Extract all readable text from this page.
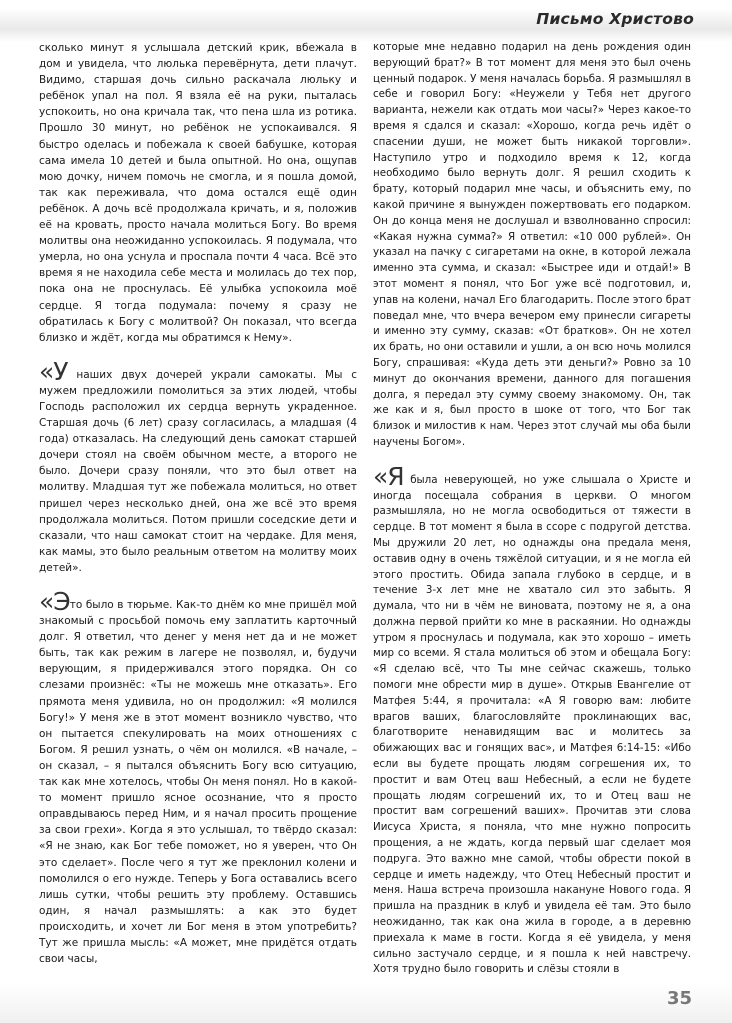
Письмо Христово

сколько минут я услышала детский крик, вбежала в дом и увидела, что люлька перевёрнута, дети плачут. Видимо, старшая дочь сильно раскачала люльку и ребёнок упал на пол. Я взяла её на руки, пыталась успокоить, но она кричала так, что пена шла из ротика. Прошло 30 минут, но ребёнок не успокаивался. Я быстро оделась и побежала к своей бабушке, которая сама имела 10 детей и была опытной. Но она, ощупав мою дочку, ничем помочь не смогла, и я пошла домой, так как переживала, что дома остался ещё один ребёнок. А дочь всё продолжала кричать, и я, положив её на кровать, просто начала молиться Богу. Во время молитвы она неожиданно успокоилась. Я подумала, что умерла, но она уснула и проспала почти 4 часа. Всё это время я не находила себе места и молилась до тех пор, пока она не проснулась. Её улыбка успокоила моё сердце. Я тогда подумала: почему я сразу не обратилась к Богу с молитвой? Он показал, что всегда близко и ждёт, когда мы обратимся к Нему».

«У наших двух дочерей украли самокаты. Мы с мужем предложили помолиться за этих людей, чтобы Господь расположил их сердца вернуть украденное. Старшая дочь (6 лет) сразу согласилась, а младшая (4 года) отказалась. На следующий день самокат старшей дочери стоял на своём обычном месте, а второго не было. Дочери сразу поняли, что это был ответ на молитву. Младшая тут же побежала молиться, но ответ пришел через несколько дней, она же всё это время продолжала молиться. Потом пришли соседские дети и сказали, что наш самокат стоит на чердаке. Для меня, как мамы, это было реальным ответом на молитву моих детей».

«Это было в тюрьме. Как-то днём ко мне пришёл мой знакомый с просьбой помочь ему заплатить карточный долг. Я ответил, что денег у меня нет да и не может быть, так как режим в лагере не позволял, и, будучи верующим, я придерживался этого порядка. Он со слезами произнёс: «Ты не можешь мне отказать». Его прямота меня удивила, но он продолжил: «Я молился Богу!» У меня же в этот момент возникло чувство, что он пытается спекулировать на моих отношениях с Богом. Я решил узнать, о чём он молился. «В начале, – он сказал, – я пытался объяснить Богу всю ситуацию, так как мне хотелось, чтобы Он меня понял. Но в какой-то момент пришло ясное осознание, что я просто оправдываюсь перед Ним, и я начал просить прощение за свои грехи». Когда я это услышал, то твёрдо сказал: «Я не знаю, как Бог тебе поможет, но я уверен, что Он это сделает». После чего я тут же преклонил колени и помолился о его нужде. Теперь у Бога оставались всего лишь сутки, чтобы решить эту проблему. Оставшись один, я начал размышлять: а как это будет происходить, и хочет ли Бог меня в этом употребить? Тут же пришла мысль: «А может, мне придётся отдать свои часы,

которые мне недавно подарил на день рождения один верующий брат?» В тот момент для меня это был очень ценный подарок. У меня началась борьба. Я размышлял в себе и говорил Богу: «Неужели у Тебя нет другого варианта, нежели как отдать мои часы?» Через какое-то время я сдался и сказал: «Хорошо, когда речь идёт о спасении души, не может быть никакой торговли». Наступило утро и подходило время к 12, когда необходимо было вернуть долг. Я решил сходить к брату, который подарил мне часы, и объяснить ему, по какой причине я вынужден пожертвовать его подарком. Он до конца меня не дослушал и взволнованно спросил: «Какая нужна сумма?» Я ответил: «10 000 рублей». Он указал на пачку с сигаретами на окне, в которой лежала именно эта сумма, и сказал: «Быстрее иди и отдай!» В этот момент я понял, что Бог уже всё подготовил, и, упав на колени, начал Его благодарить. После этого брат поведал мне, что вчера вечером ему принесли сигареты и именно эту сумму, сказав: «От братков». Он не хотел их брать, но они оставили и ушли, а он всю ночь молился Богу, спрашивая: «Куда деть эти деньги?» Ровно за 10 минут до окончания времени, данного для погашения долга, я передал эту сумму своему знакомому. Он, так же как и я, был просто в шоке от того, что Бог так близок и милостив к нам. Через этот случай мы оба были научены Богом».

«Я была неверующей, но уже слышала о Христе и иногда посещала собрания в церкви. О многом размышляла, но не могла освободиться от тяжести в сердце. В тот момент я была в ссоре с подругой детства. Мы дружили 20 лет, но однажды она предала меня, оставив одну в очень тяжёлой ситуации, и я не могла ей этого простить. Обида запала глубоко в сердце, и в течение 3-х лет мне не хватало сил это забыть. Я думала, что ни в чём не виновата, поэтому не я, а она должна первой прийти ко мне в раскаянии. Но однажды утром я проснулась и подумала, как это хорошо – иметь мир со всеми. Я стала молиться об этом и обещала Богу: «Я сделаю всё, что Ты мне сейчас скажешь, только помоги мне обрести мир в душе». Открыв Евангелие от Матфея 5:44, я прочитала: «А Я говорю вам: любите врагов ваших, благословляйте проклинающих вас, благотворите ненавидящим вас и молитесь за обижающих вас и гонящих вас», и Матфея 6:14-15: «Ибо если вы будете прощать людям согрешения их, то простит и вам Отец ваш Небесный, а если не будете прощать людям согрешений их, то и Отец ваш не простит вам согрешений ваших». Прочитав эти слова Иисуса Христа, я поняла, что мне нужно попросить прощения, а не ждать, когда первый шаг сделает моя подруга. Это важно мне самой, чтобы обрести покой в сердце и иметь надежду, что Отец Небесный простит и меня. Наша встреча произошла накануне Нового года. Я пришла на праздник в клуб и увидела её там. Это было неожиданно, так как она жила в городе, а в деревню приехала к маме в гости. Когда я её увидела, у меня сильно застучало сердце, и я пошла к ней навстречу. Хотя трудно было говорить и слёзы стояли в

35
